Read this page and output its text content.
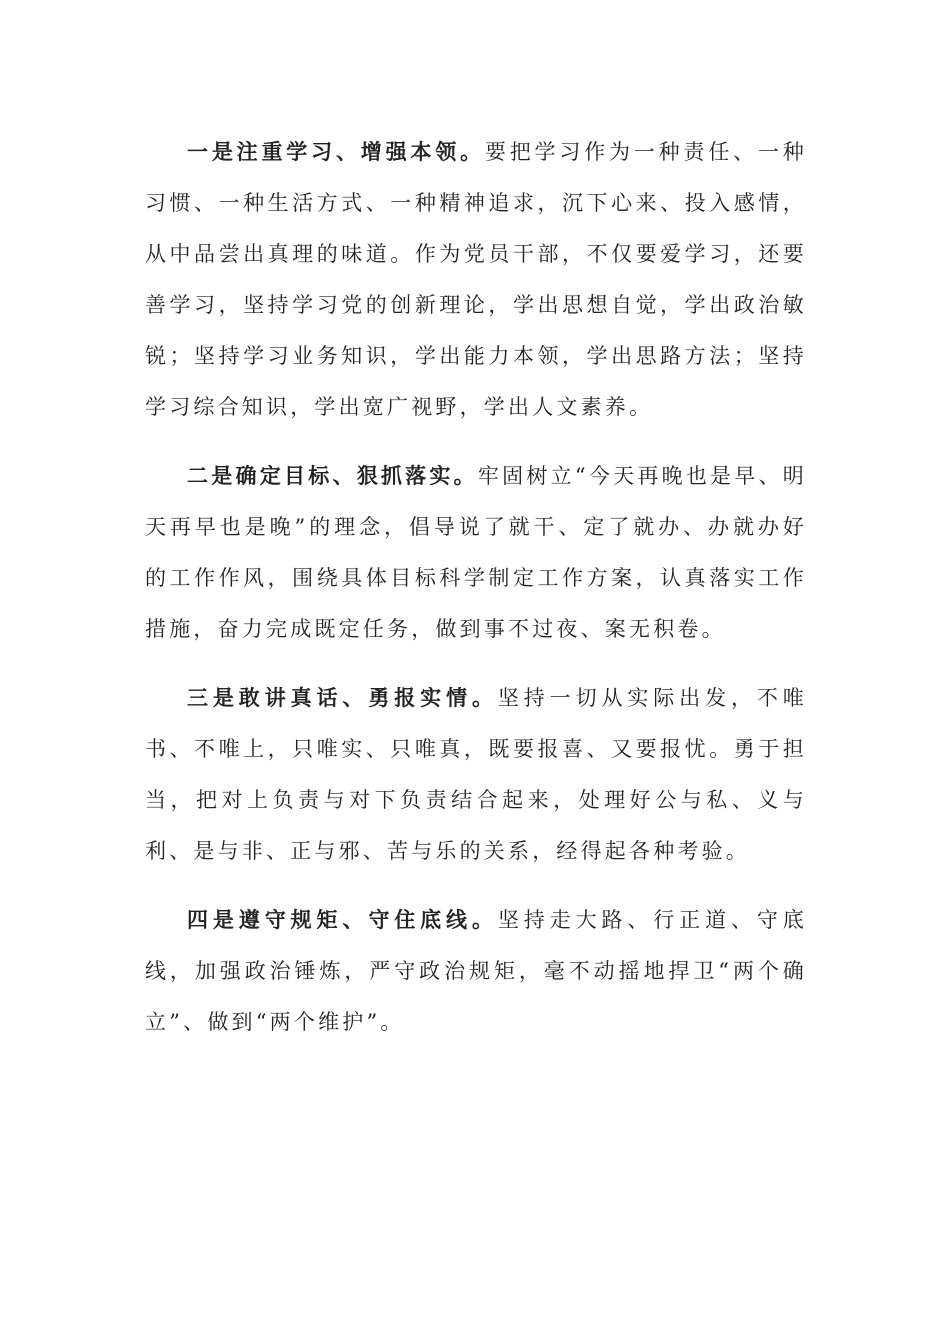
一是注重学习、增强本领。要把学习作为一种责任、一种习惯、一种生活方式、一种精神追求，沉下心来、投入感情，从中品尝出真理的味道。作为党员干部，不仅要爱学习，还要善学习，坚持学习党的创新理论，学出思想自觉，学出政治敏锐；坚持学习业务知识，学出能力本领，学出思路方法；坚持学习综合知识，学出宽广视野，学出人文素养。

二是确定目标、狠抓落实。牢固树立“今天再晚也是早、明天再早也是晚”的理念，倡导说了就干、定了就办、办就办好的工作作风，围绕具体目标科学制定工作方案，认真落实工作措施，奋力完成既定任务，做到事不过夜、案无积卷。

三是敢讲真话、勇报实情。坚持一切从实际出发，不唯书、不唯上，只唯实、只唯真，既要报喜、又要报忧。勇于担当，把对上负责与对下负责结合起来，处理好公与私、义与利、是与非、正与邪、苦与乐的关系，经得起各种考验。

四是遵守规矩、守住底线。坚持走大路、行正道、守底线，加强政治锤炼，严守政治规矩，毫不动摇地捍卫“两个确立”、做到“两个维护”。
